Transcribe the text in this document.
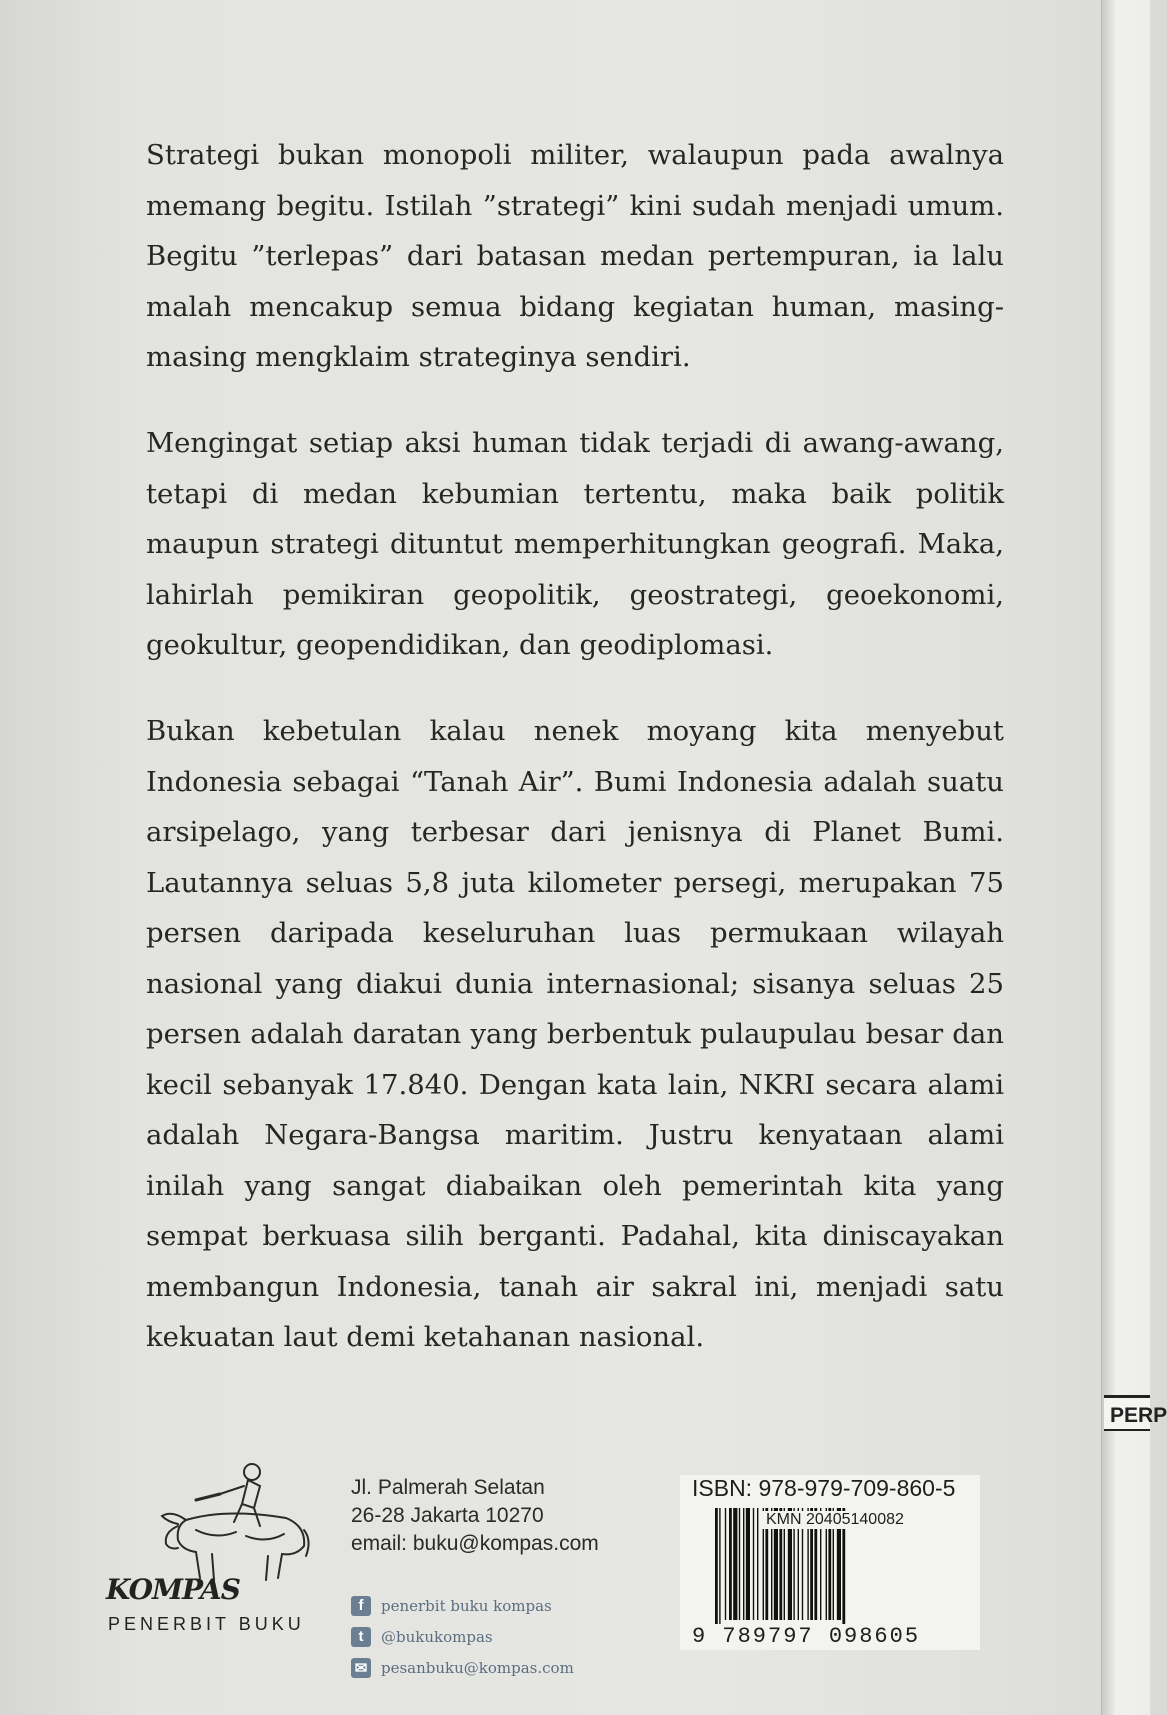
PERP

Strategi bukan monopoli militer, walaupun pada awalnya memang begitu. Istilah ”strategi” kini sudah menjadi umum. Begitu ”terlepas” dari batasan medan pertempuran, ia lalu malah mencakup semua bidang kegiatan human, masing-masing mengklaim strateginya sendiri.

Mengingat setiap aksi human tidak terjadi di awang-awang, tetapi di medan kebumian tertentu, maka baik politik maupun strategi dituntut memperhitungkan geografi. Maka, lahirlah pemikiran geopolitik, geostrategi, geoekonomi, geokultur, geopendidikan, dan geodiplomasi.

Bukan kebetulan kalau nenek moyang kita menyebut Indonesia sebagai “Tanah Air”. Bumi Indonesia adalah suatu arsipelago, yang terbesar dari jenisnya di Planet Bumi. Lautannya seluas 5,8 juta kilometer persegi, merupakan 75 persen daripada keseluruhan luas permukaan wilayah nasional yang diakui dunia internasional; sisanya seluas 25 persen adalah daratan yang berbentuk pulaupulau besar dan kecil sebanyak 17.840. Dengan kata lain, NKRI secara alami adalah Negara-Bangsa maritim. Justru kenyataan alami inilah yang sangat diabaikan oleh pemerintah kita yang sempat berkuasa silih berganti. Padahal, kita diniscayakan membangun Indonesia, tanah air sakral ini, menjadi satu kekuatan laut demi ketahanan nasional.

KOMPAS
PENERBIT BUKU
Jl. Palmerah Selatan
26-28 Jakarta 10270
email: buku@kompas.com
f	penerbit buku kompas
t	@bukukompas
✉ pesanbuku@kompas.com
ISBN: 978-979-709-860-5
KMN 20405140082
9 789797 098605
